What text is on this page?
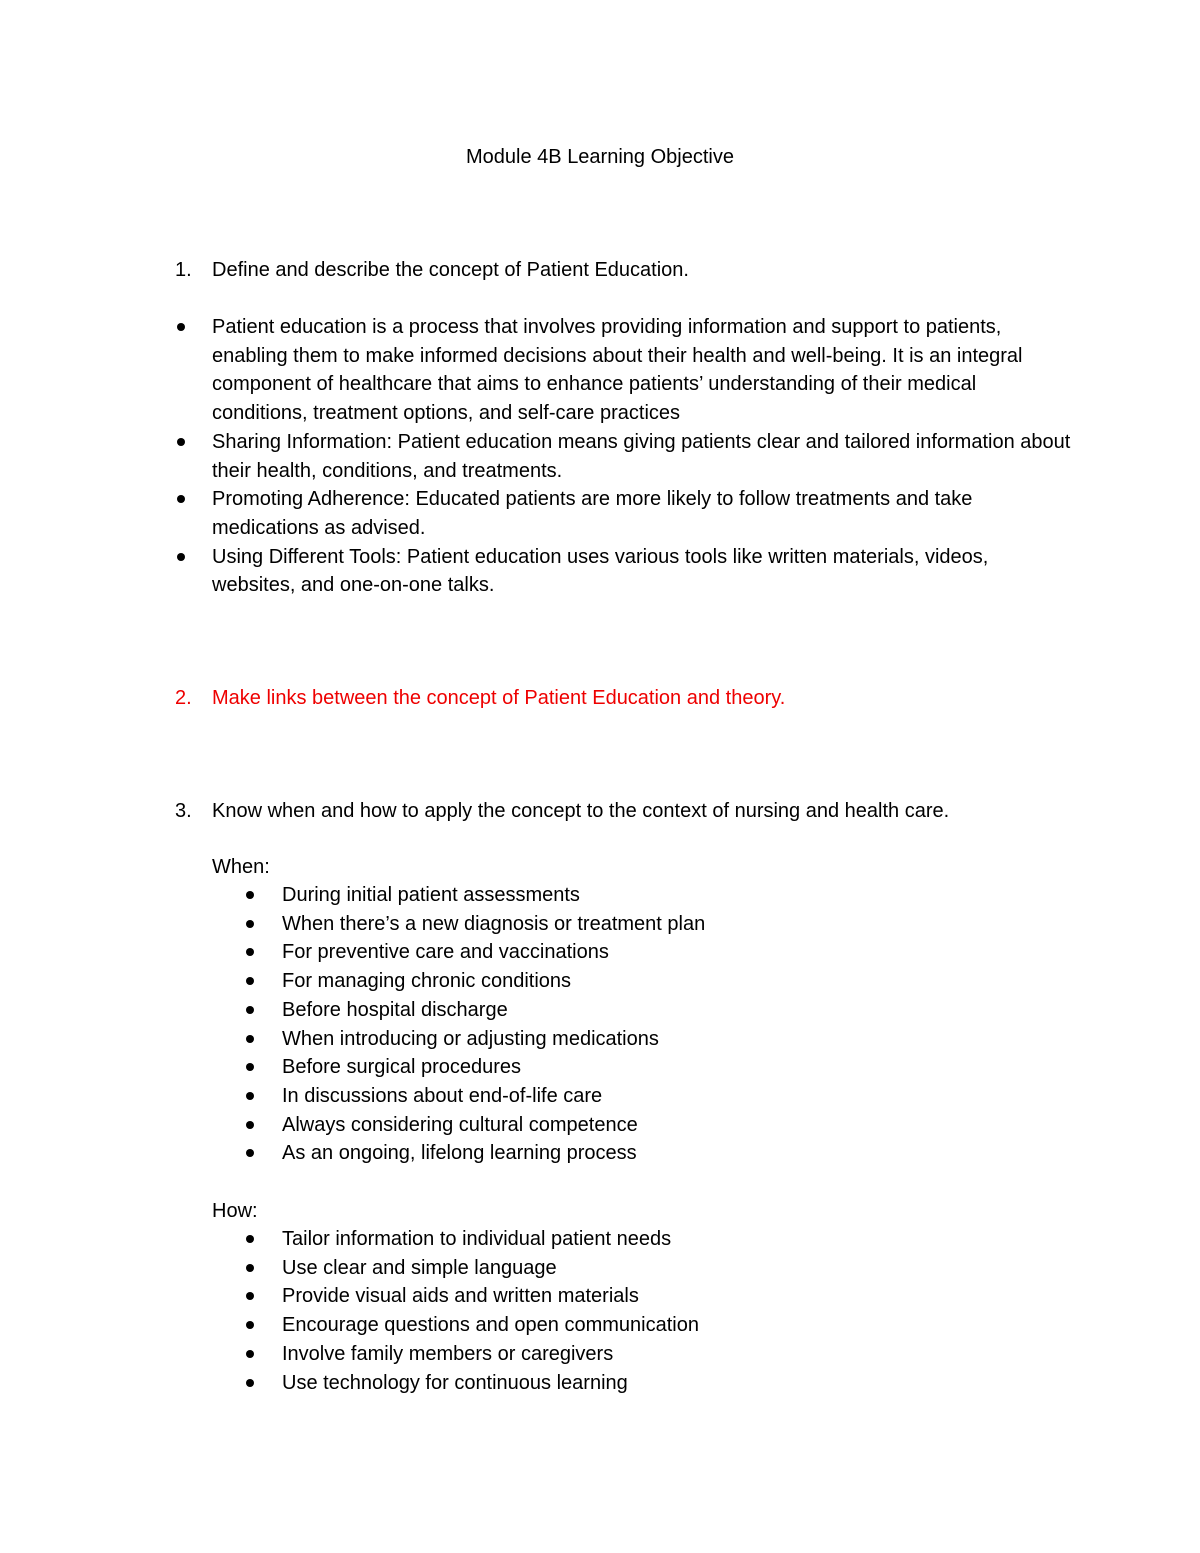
Module 4B Learning Objective
1. Define and describe the concept of Patient Education.
Patient education is a process that involves providing information and support to patients, enabling them to make informed decisions about their health and well-being. It is an integral component of healthcare that aims to enhance patients’ understanding of their medical conditions, treatment options, and self-care practices
Sharing Information: Patient education means giving patients clear and tailored information about their health, conditions, and treatments.
Promoting Adherence: Educated patients are more likely to follow treatments and take medications as advised.
Using Different Tools: Patient education uses various tools like written materials, videos, websites, and one-on-one talks.
2. Make links between the concept of Patient Education and theory.
3. Know when and how to apply the concept to the context of nursing and health care.
When:
During initial patient assessments
When there’s a new diagnosis or treatment plan
For preventive care and vaccinations
For managing chronic conditions
Before hospital discharge
When introducing or adjusting medications
Before surgical procedures
In discussions about end-of-life care
Always considering cultural competence
As an ongoing, lifelong learning process
How:
Tailor information to individual patient needs
Use clear and simple language
Provide visual aids and written materials
Encourage questions and open communication
Involve family members or caregivers
Use technology for continuous learning
